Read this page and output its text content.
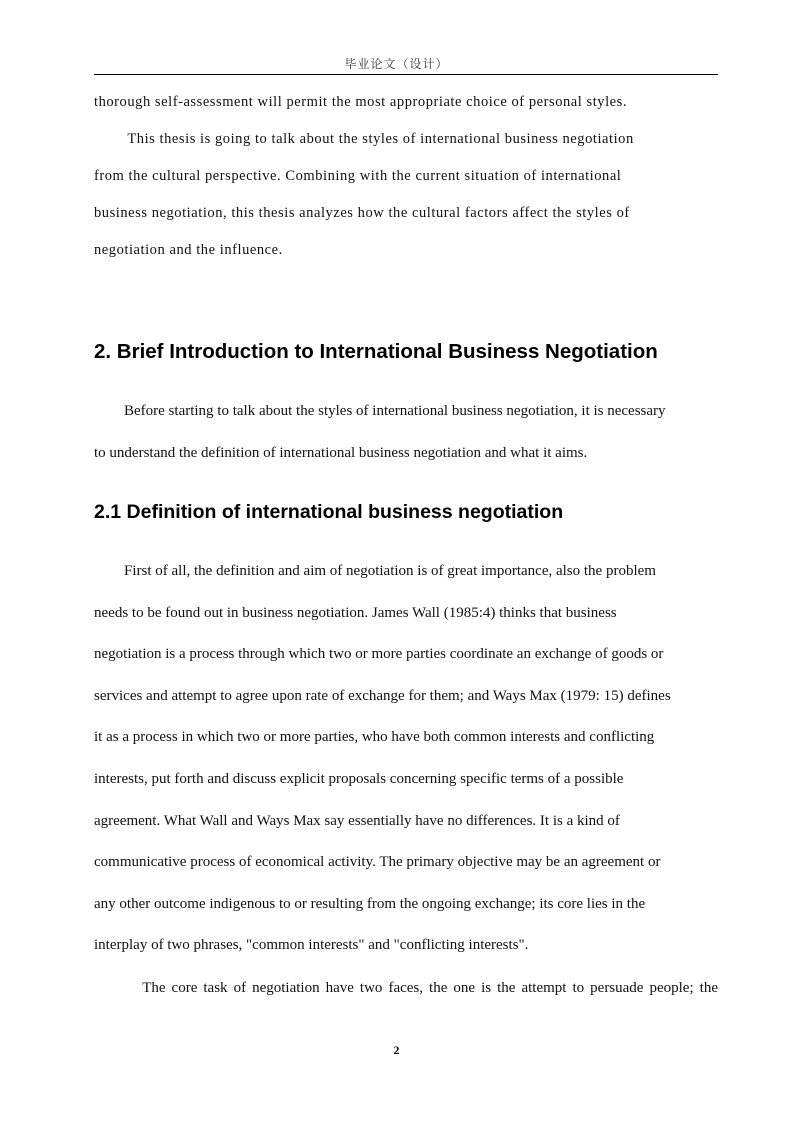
毕业论文（设计）

thorough self-assessment will permit the most appropriate choice of personal styles.

This thesis is going to talk about the styles of international business negotiation
from the cultural perspective. Combining with the current situation of international
business negotiation, this thesis analyzes how the cultural factors affect the styles of
negotiation and the influence.

2. Brief Introduction to International Business Negotiation

Before starting to talk about the styles of international business negotiation, it is necessary
to understand the definition of international business negotiation and what it aims.

2.1 Definition of international business negotiation

First of all, the definition and aim of negotiation is of great importance, also the problem
needs to be found out in business negotiation. James Wall (1985:4) thinks that business
negotiation is a process through which two or more parties coordinate an exchange of goods or
services and attempt to agree upon rate of exchange for them; and Ways Max (1979: 15) defines
it as a process in which two or more parties, who have both common interests and conflicting
interests, put forth and discuss explicit proposals concerning specific terms of a possible
agreement. What Wall and Ways Max say essentially have no differences. It is a kind of
communicative process of economical activity. The primary objective may be an agreement or
any other outcome indigenous to or resulting from the ongoing exchange; its core lies in the
interplay of two phrases, "common interests" and "conflicting interests".

The core task of negotiation have two faces, the one is the attempt to persuade people; the

2
